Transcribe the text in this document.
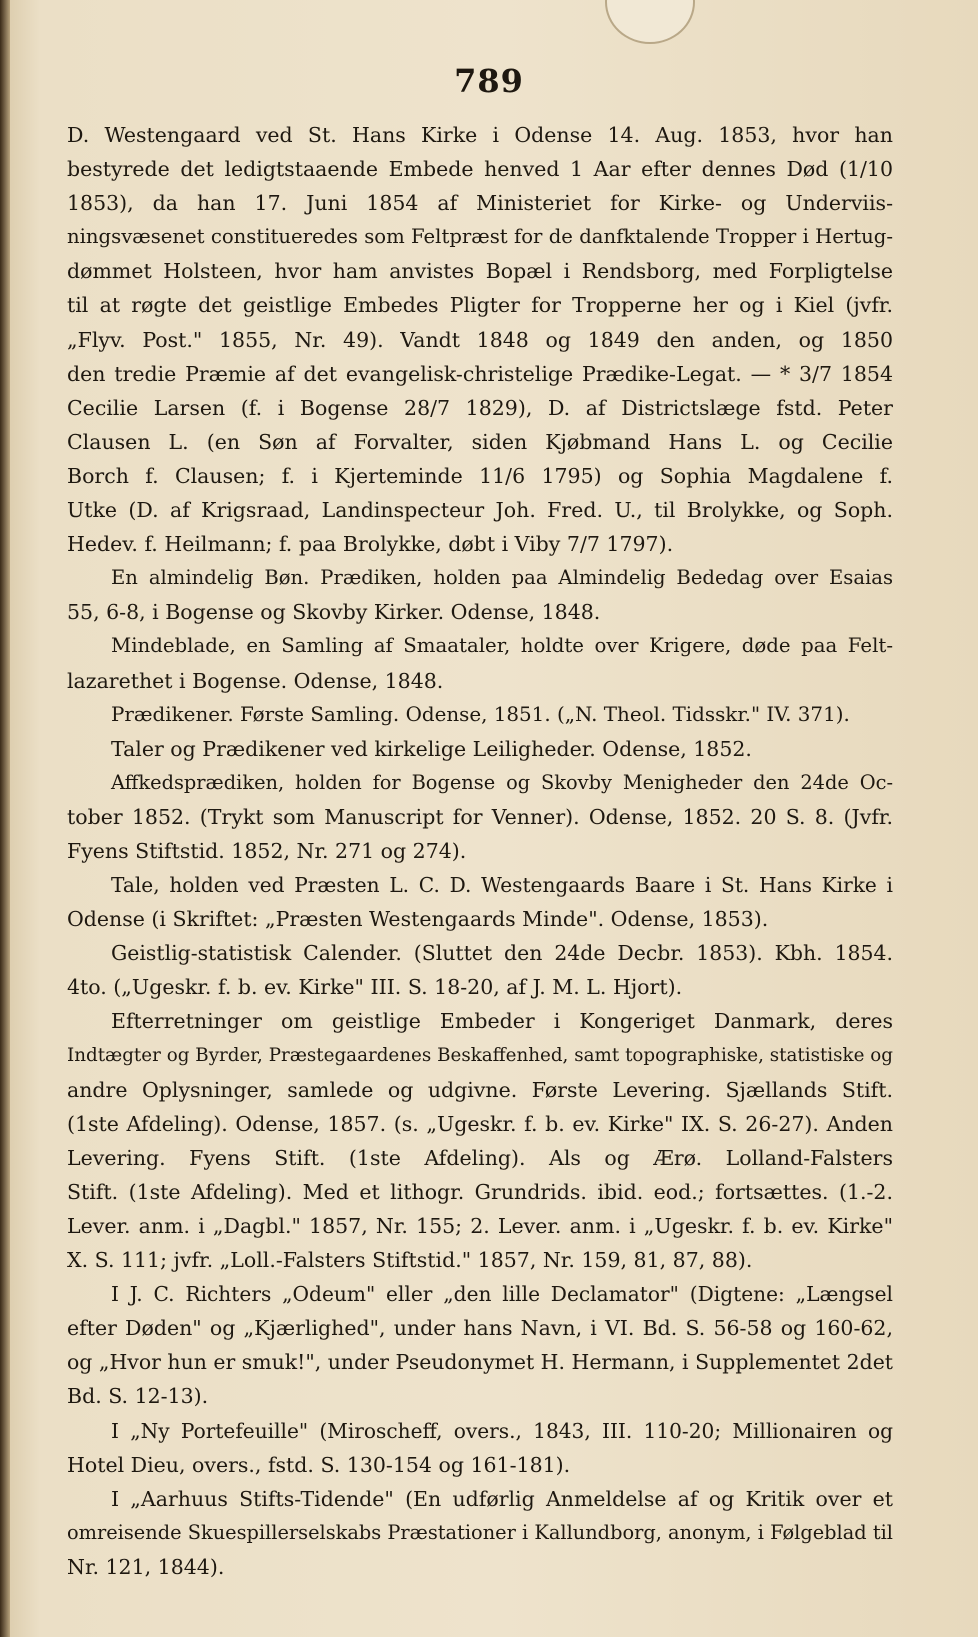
789

D. Westengaard ved St. Hans Kirke i Odense 14. Aug. 1853, hvor han
bestyrede det ledigtstaaende Embede henved 1 Aar efter dennes Død (1/10
1853), da han 17. Juni 1854 af Ministeriet for Kirke- og Underviis-
ningsvæsenet constitueredes som Feltpræst for de danfktalende Tropper i Hertug-
dømmet Holsteen, hvor ham anvistes Bopæl i Rendsborg, med Forpligtelse
til at røgte det geistlige Embedes Pligter for Tropperne her og i Kiel (jvfr.
„Flyv. Post." 1855, Nr. 49). Vandt 1848 og 1849 den anden, og 1850
den tredie Præmie af det evangelisk-christelige Prædike-Legat. — * 3/7 1854
Cecilie Larsen (f. i Bogense 28/7 1829), D. af Districtslæge fstd. Peter
Clausen L. (en Søn af Forvalter, siden Kjøbmand Hans L. og Cecilie
Borch f. Clausen; f. i Kjerteminde 11/6 1795) og Sophia Magdalene f.
Utke (D. af Krigsraad, Landinspecteur Joh. Fred. U., til Brolykke, og Soph.
Hedev. f. Heilmann; f. paa Brolykke, døbt i Viby 7/7 1797).

En almindelig Bøn. Prædiken, holden paa Almindelig Bededag over Esaias
55, 6-8, i Bogense og Skovby Kirker. Odense, 1848.

Mindeblade, en Samling af Smaataler, holdte over Krigere, døde paa Felt-
lazarethet i Bogense. Odense, 1848.

Prædikener. Første Samling. Odense, 1851. („N. Theol. Tidsskr." IV. 371).

Taler og Prædikener ved kirkelige Leiligheder. Odense, 1852.

Affkedsprædiken, holden for Bogense og Skovby Menigheder den 24de Oc-
tober 1852. (Trykt som Manuscript for Venner). Odense, 1852. 20 S. 8. (Jvfr.
Fyens Stiftstid. 1852, Nr. 271 og 274).

Tale, holden ved Præsten L. C. D. Westengaards Baare i St. Hans Kirke i
Odense (i Skriftet: „Præsten Westengaards Minde". Odense, 1853).

Geistlig-statistisk Calender. (Sluttet den 24de Decbr. 1853). Kbh. 1854.
4to. („Ugeskr. f. b. ev. Kirke" III. S. 18-20, af J. M. L. Hjort).

Efterretninger om geistlige Embeder i Kongeriget Danmark, deres
Indtægter og Byrder, Præstegaardenes Beskaffenhed, samt topographiske, statistiske og
andre Oplysninger, samlede og udgivne. Første Levering. Sjællands Stift.
(1ste Afdeling). Odense, 1857. (s. „Ugeskr. f. b. ev. Kirke" IX. S. 26-27). Anden
Levering. Fyens Stift. (1ste Afdeling). Als og Ærø. Lolland-Falsters
Stift. (1ste Afdeling). Med et lithogr. Grundrids. ibid. eod.; fortsættes. (1.-2.
Lever. anm. i „Dagbl." 1857, Nr. 155; 2. Lever. anm. i „Ugeskr. f. b. ev. Kirke"
X. S. 111; jvfr. „Loll.-Falsters Stiftstid." 1857, Nr. 159, 81, 87, 88).

I J. C. Richters „Odeum" eller „den lille Declamator" (Digtene: „Længsel
efter Døden" og „Kjærlighed", under hans Navn, i VI. Bd. S. 56-58 og 160-62,
og „Hvor hun er smuk!", under Pseudonymet H. Hermann, i Supplementet 2det
Bd. S. 12-13).

I „Ny Portefeuille" (Miroscheff, overs., 1843, III. 110-20; Millionairen og
Hotel Dieu, overs., fstd. S. 130-154 og 161-181).

I „Aarhuus Stifts-Tidende" (En udførlig Anmeldelse af og Kritik over et
omreisende Skuespillerselskabs Præstationer i Kallundborg, anonym, i Følgeblad til
Nr. 121, 1844).
